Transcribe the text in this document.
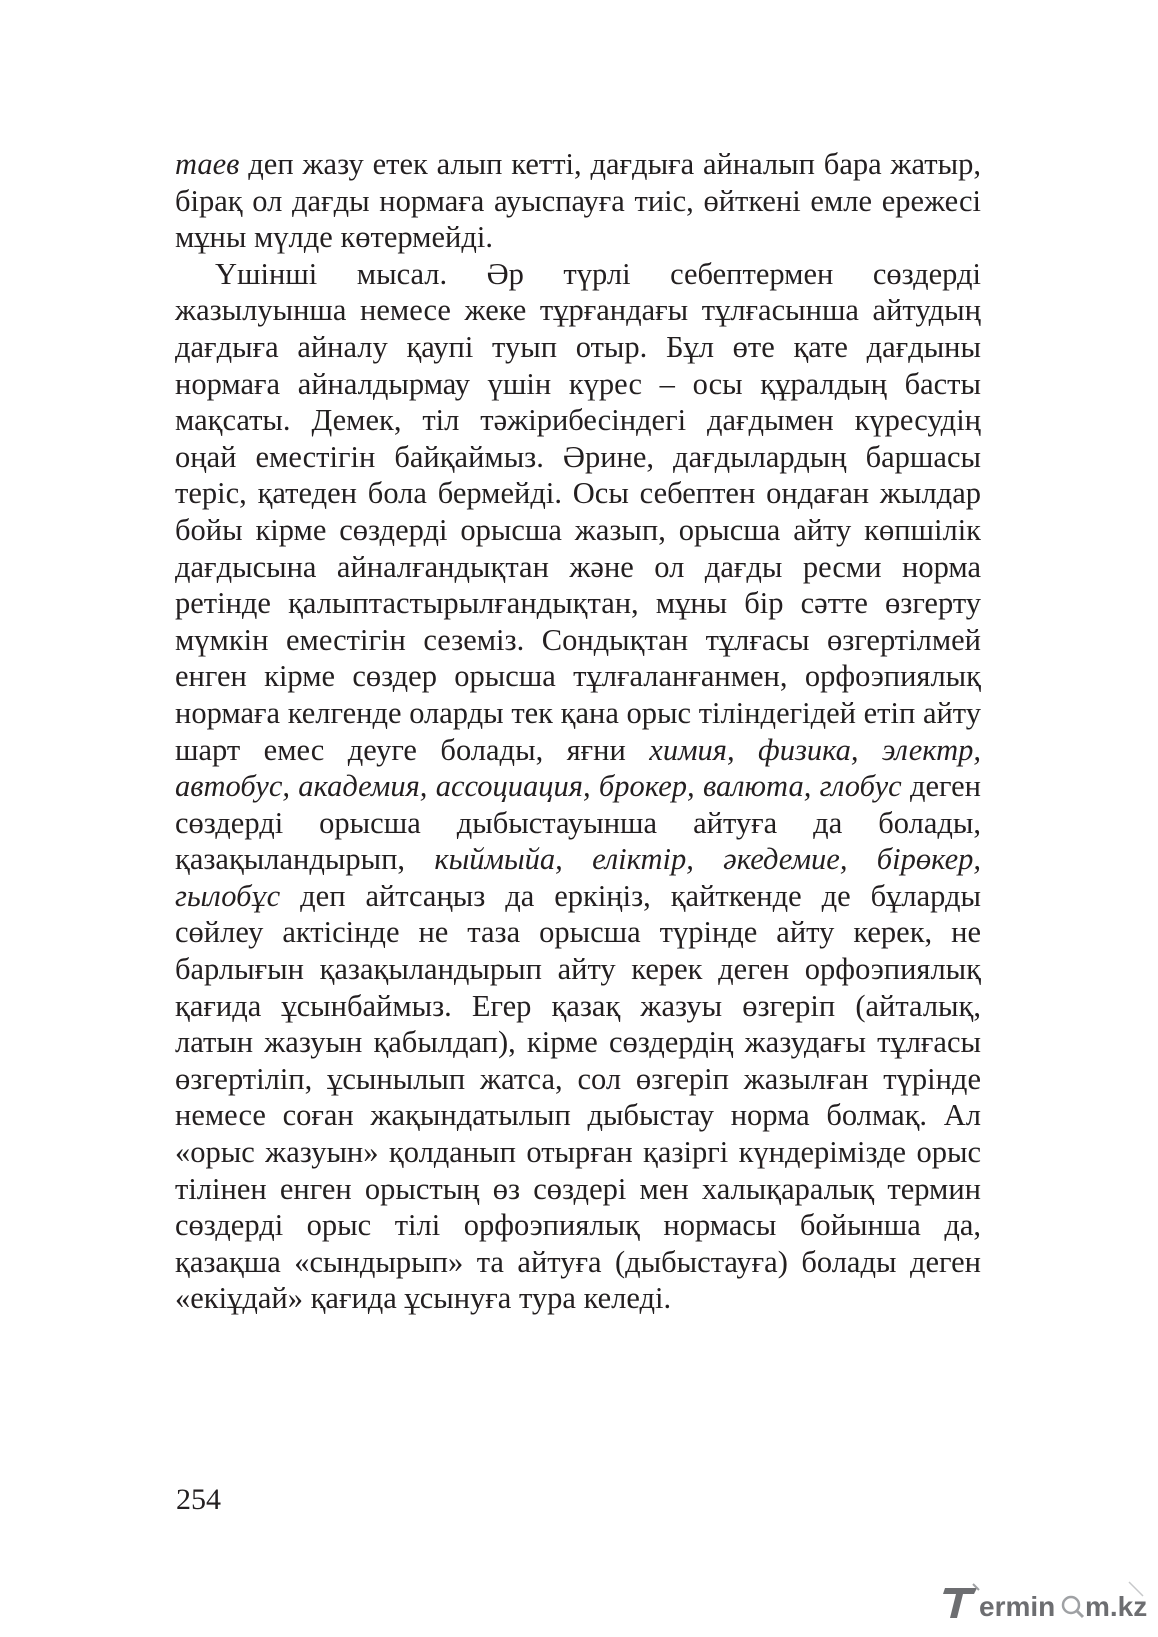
таев деп жазу етек алып кетті, дағдыға айналып бара жатыр, бірақ ол дағды нормаға ауыспауға тиіс, өйткені емле ережесі мұны мүлде көтермейді.

Үшінші мысал. Әр түрлі себептермен сөздерді жазылуынша немесе жеке тұрғандағы тұлғасынша айтудың дағдыға айналу қаупі туып отыр. Бұл өте қате дағдыны нормаға айналдырмау үшін күрес – осы құралдың басты мақсаты. Демек, тіл тәжірибесіндегі дағдымен күресудің оңай еместігін байқаймыз. Әрине, дағдылардың баршасы теріс, қатеден бола бермейді. Осы себептен ондаған жылдар бойы кірме сөздерді орысша жазып, орысша айту көпшілік дағдысына айналғандықтан және ол дағды ресми норма ретінде қалыптастырылғандықтан, мұны бір сәтте өзгерту мүмкін еместігін сеземіз. Сондықтан тұлғасы өзгертілмей енген кірме сөздер орысша тұлғаланғанмен, орфоэпиялық нормаға келгенде оларды тек қана орыс тіліндегідей етіп айту шарт емес деуге болады, яғни химия, физика, электр, автобус, академия, ассоциация, брокер, валюта, глобус деген сөздерді орысша дыбыстауынша айтуға да болады, қазақыландырып, кыймыйа, еліктір, әкедемие, бірөкер, гылобұс деп айтсаңыз да еркіңіз, қайткенде де бұларды сөйлеу актісінде не таза орысша түрінде айту керек, не барлығын қазақыландырып айту керек деген орфоэпиялық қағида ұсынбаймыз. Егер қазақ жазуы өзгеріп (айталық, латын жазуын қабылдап), кірме сөздердің жазудағы тұлғасы өзгертіліп, ұсынылып жатса, сол өзгеріп жазылған түрінде немесе соған жақындатылып дыбыстау норма болмақ. Ал «орыс жазуын» қолданып отырған қазіргі күндерімізде орыс тілінен енген орыстың өз сөздері мен халықаралық термин сөздерді орыс тілі орфоэпиялық нормасы бойынша да, қазақша «сындырып» та айтуға (дыбыстауға) болады деген «екіұдай» қағида ұсынуға тура келеді.

254
ermin m.kz
